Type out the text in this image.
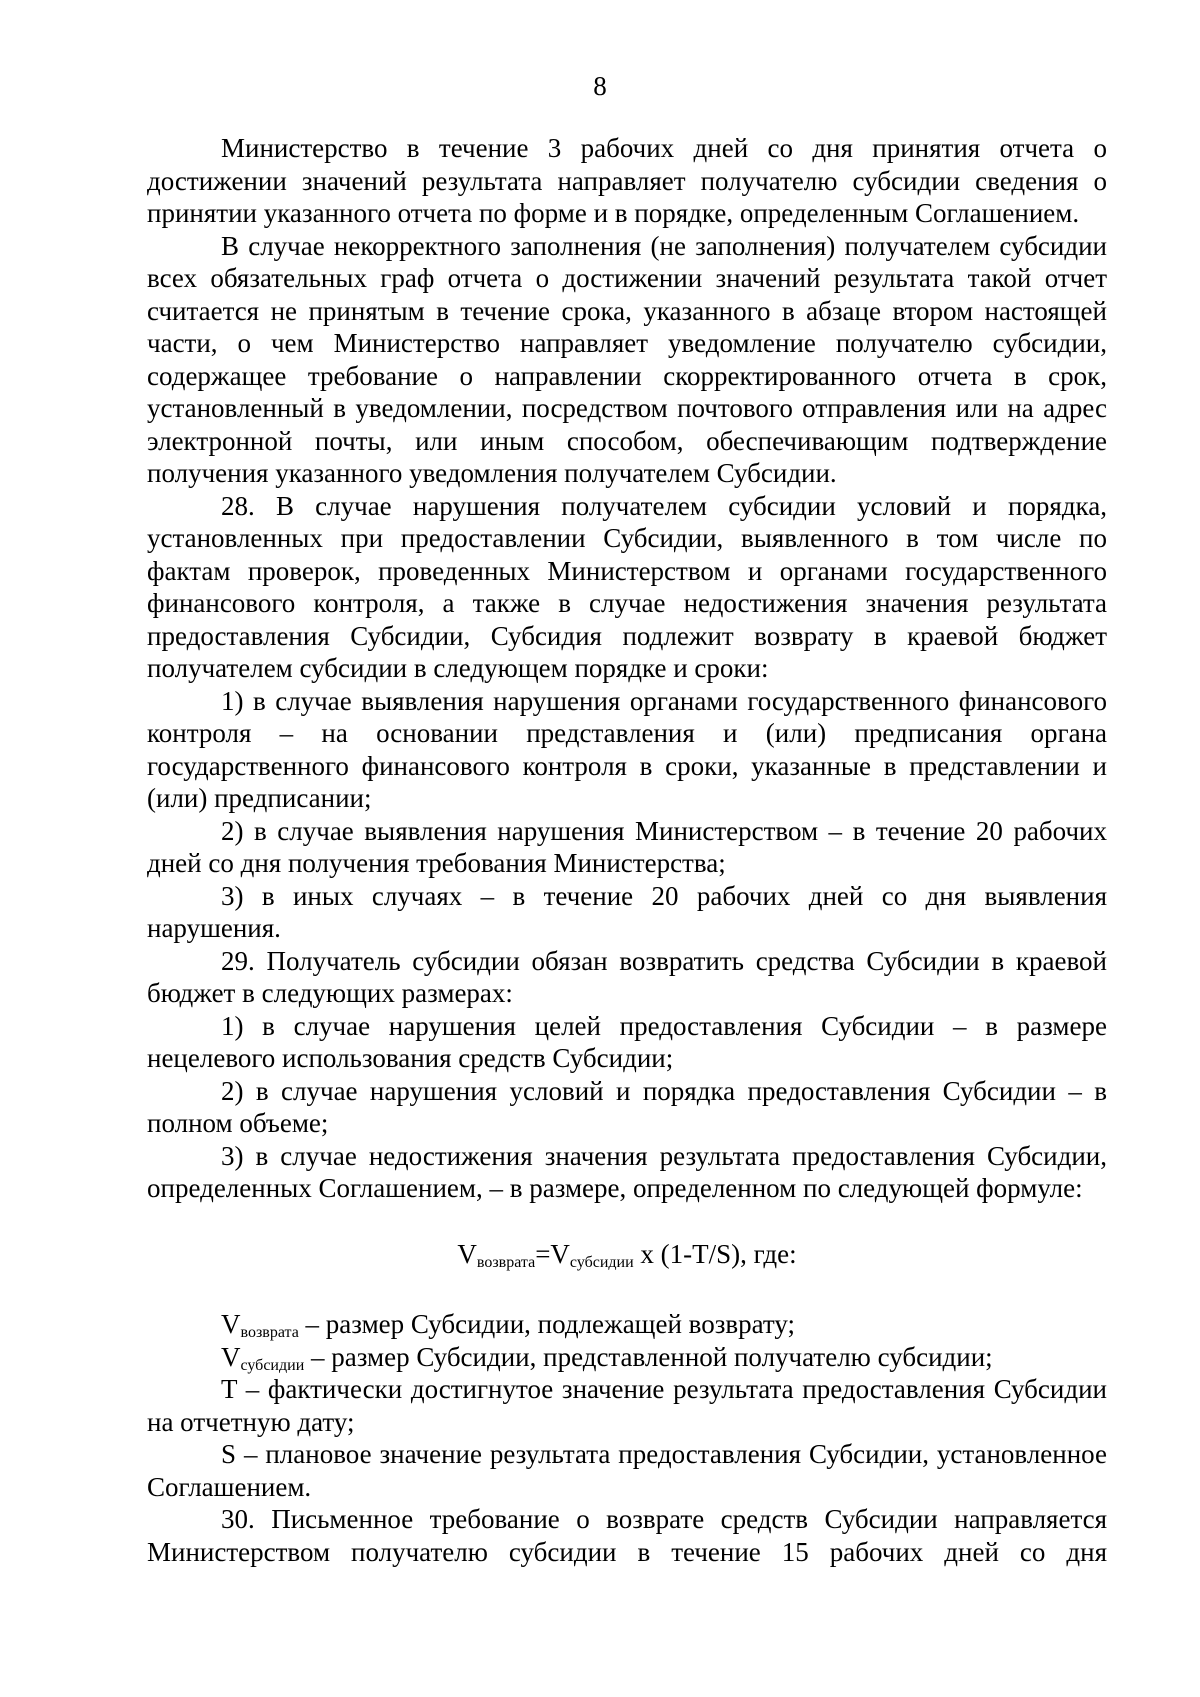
8

Министерство в течение 3 рабочих дней со дня принятия отчета о достижении значений результата направляет получателю субсидии сведения о принятии указанного отчета по форме и в порядке, определенным Соглашением.

В случае некорректного заполнения (не заполнения) получателем субсидии всех обязательных граф отчета о достижении значений результата такой отчет считается не принятым в течение срока, указанного в абзаце втором настоящей части, о чем Министерство направляет уведомление получателю субсидии, содержащее требование о направлении скорректированного отчета в срок, установленный в уведомлении, посредством почтового отправления или на адрес электронной почты, или иным способом, обеспечивающим подтверждение получения указанного уведомления получателем Субсидии.

28. В случае нарушения получателем субсидии условий и порядка, установленных при предоставлении Субсидии, выявленного в том числе по фактам проверок, проведенных Министерством и органами государственного финансового контроля, а также в случае недостижения значения результата предоставления Субсидии, Субсидия подлежит возврату в краевой бюджет получателем субсидии в следующем порядке и сроки:

1) в случае выявления нарушения органами государственного финансового контроля – на основании представления и (или) предписания органа государственного финансового контроля в сроки, указанные в представлении и (или) предписании;

2) в случае выявления нарушения Министерством – в течение 20 рабочих дней со дня получения требования Министерства;

3) в иных случаях – в течение 20 рабочих дней со дня выявления нарушения.

29. Получатель субсидии обязан возвратить средства Субсидии в краевой бюджет в следующих размерах:

1) в случае нарушения целей предоставления Субсидии – в размере нецелевого использования средств Субсидии;

2) в случае нарушения условий и порядка предоставления Субсидии – в полном объеме;

3) в случае недостижения значения результата предоставления Субсидии, определенных Соглашением, – в размере, определенном по следующей формуле:

$V_{возврата}=V_{субсидии}$ х (1-T/S), где:

$V_{возврата}$ – размер Субсидии, подлежащей возврату;

$V_{субсидии}$ – размер Субсидии, представленной получателю субсидии;

T – фактически достигнутое значение результата предоставления Субсидии на отчетную дату;

S – плановое значение результата предоставления Субсидии, установленное Соглашением.

30. Письменное требование о возврате средств Субсидии направляется Министерством получателю субсидии в течение 15 рабочих дней со дня
